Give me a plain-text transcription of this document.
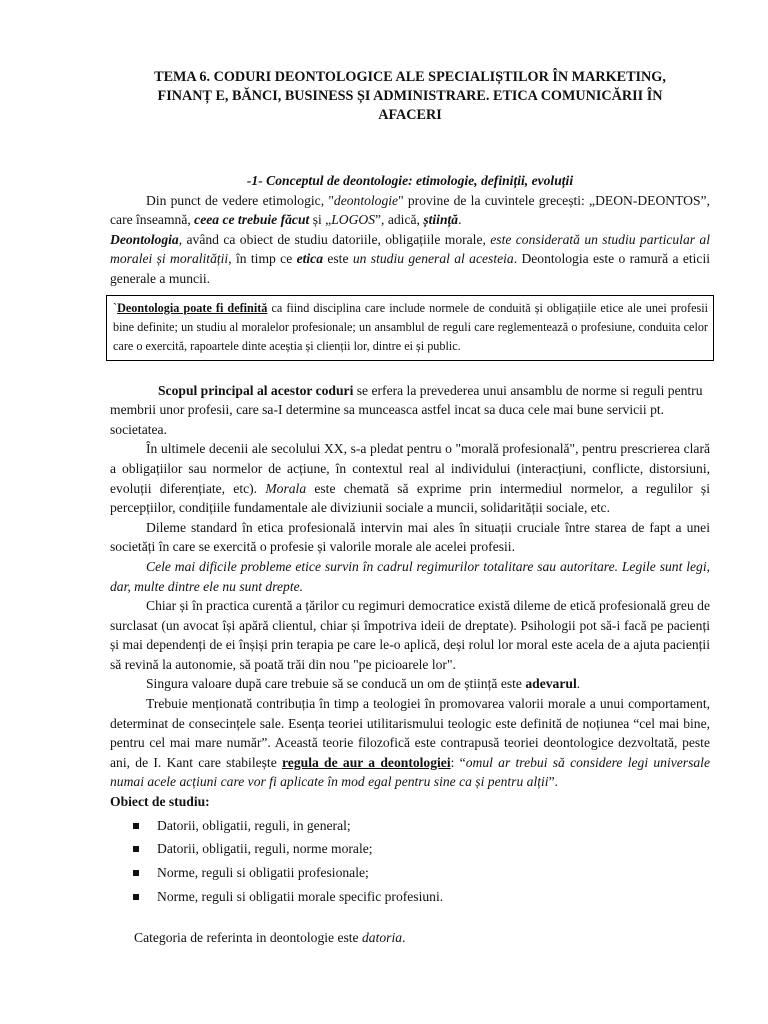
TEMA 6. CODURI DEONTOLOGICE ALE SPECIALIȘTILOR ÎN MARKETING, FINANȚ E, BĂNCI, BUSINESS ȘI ADMINISTRARE. ETICA COMUNICĂRII ÎN AFACERI
-1- Conceptul de deontologie: etimologie, definiții, evoluții

Din punct de vedere etimologic, "deontologie" provine de la cuvintele grecești: „DEON-DEONTOS”, care înseamnă, ceea ce trebuie făcut și „LOGOS”, adică, știință.

Deontologia, având ca obiect de studiu datoriile, obligațiile morale, este considerată un studiu particular al moralei și moralității, în timp ce etica este un studiu general al acesteia. Deontologia este o ramură a eticii generale a muncii.

`Deontologia poate fi definită ca fiind disciplina care include normele de conduită și obligațiile etice ale unei profesii bine definite; un studiu al moralelor profesionale; un ansamblul de reguli care reglementează o profesiune, conduita celor care o exercită, rapoartele dinte aceștia și clienții lor, dintre ei și public.

Scopul principal al acestor coduri se erfera la prevederea unui ansamblu de norme si reguli pentru membrii unor profesii, care sa-I determine sa munceasca astfel incat sa duca cele mai bune servicii pt. societatea.

În ultimele decenii ale secolului XX, s-a pledat pentru o "morală profesională", pentru prescrierea clară a obligațiilor sau normelor de acțiune, în contextul real al individului (interacțiuni, conflicte, distorsiuni, evoluții diferențiate, etc). Morala este chemată să exprime prin intermediul normelor, a regulilor și percepțiilor, condițiile fundamentale ale diviziunii sociale a muncii, solidarității sociale, etc.

Dileme standard în etica profesională intervin mai ales în situații cruciale între starea de fapt a unei societăți în care se exercită o profesie și valorile morale ale acelei profesii.

Cele mai dificile probleme etice survin în cadrul regimurilor totalitare sau autoritare. Legile sunt legi, dar, multe dintre ele nu sunt drepte.

Chiar și în practica curentă a țărilor cu regimuri democratice există dileme de etică profesională greu de surclasat (un avocat își apără clientul, chiar și împotriva ideii de dreptate). Psihologii pot să-i facă pe pacienți și mai dependenți de ei înșiși prin terapia pe care le-o aplică, deși rolul lor moral este acela de a ajuta pacienții să revină la autonomie, să poată trăi din nou "pe picioarele lor".

Singura valoare după care trebuie să se conducă un om de știință este adevarul.

Trebuie menționată contribuția în timp a teologiei în promovarea valorii morale a unui comportament, determinat de consecințele sale. Esența teoriei utilitarismului teologic este definită de noțiunea “cel mai bine, pentru cel mai mare număr”. Această teorie filozofică este contrapusă teoriei deontologice dezvoltată, peste ani, de I. Kant care stabilește regula de aur a deontologiei: “omul ar trebui să considere legi universale numai acele acțiuni care vor fi aplicate în mod egal pentru sine ca și pentru alții”.

Obiect de studiu:

Datorii, obligatii, reguli, in general;
Datorii, obligatii, reguli, norme morale;
Norme, reguli si obligatii profesionale;
Norme, reguli si obligatii morale specific profesiuni.

Categoria de referinta in deontologie este datoria.
